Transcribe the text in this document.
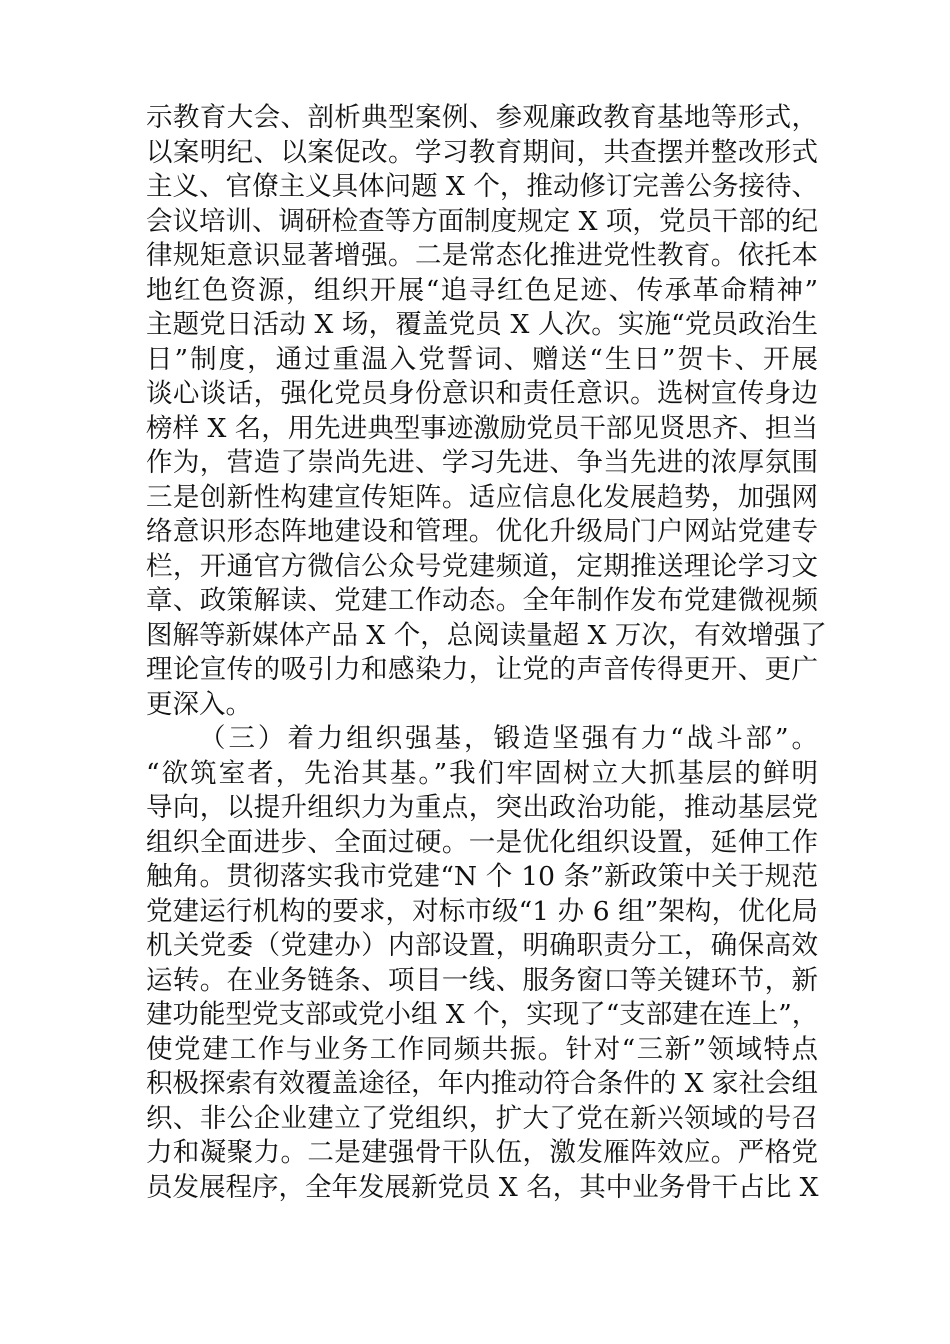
示教育大会、剖析典型案例、参观廉政教育基地等形式，
以案明纪、以案促改。学习教育期间，共查摆并整改形式
主义、官僚主义具体问题 X 个，推动修订完善公务接待、
会议培训、调研检查等方面制度规定 X 项，党员干部的纪
律规矩意识显著增强。二是常态化推进党性教育。依托本
地红色资源，组织开展“追寻红色足迹、传承革命精神”
主题党日活动 X 场，覆盖党员 X 人次。实施“党员政治生
日”制度，通过重温入党誓词、赠送“生日”贺卡、开展
谈心谈话，强化党员身份意识和责任意识。选树宣传身边
榜样 X 名，用先进典型事迹激励党员干部见贤思齐、担当
作为，营造了崇尚先进、学习先进、争当先进的浓厚氛围
三是创新性构建宣传矩阵。适应信息化发展趋势，加强网
络意识形态阵地建设和管理。优化升级局门户网站党建专
栏，开通官方微信公众号党建频道，定期推送理论学习文
章、政策解读、党建工作动态。全年制作发布党建微视频
图解等新媒体产品 X 个，总阅读量超 X 万次，有效增强了
理论宣传的吸引力和感染力，让党的声音传得更开、更广
更深入。
（三）着力组织强基，锻造坚强有力“战斗部”。
“欲筑室者，先治其基。”我们牢固树立大抓基层的鲜明
导向，以提升组织力为重点，突出政治功能，推动基层党
组织全面进步、全面过硬。一是优化组织设置，延伸工作
触角。贯彻落实我市党建“N 个 10 条”新政策中关于规范
党建运行机构的要求，对标市级“1 办 6 组”架构，优化局
机关党委（党建办）内部设置，明确职责分工，确保高效
运转。在业务链条、项目一线、服务窗口等关键环节，新
建功能型党支部或党小组 X 个，实现了“支部建在连上”，
使党建工作与业务工作同频共振。针对“三新”领域特点
积极探索有效覆盖途径，年内推动符合条件的 X 家社会组
织、非公企业建立了党组织，扩大了党在新兴领域的号召
力和凝聚力。二是建强骨干队伍，激发雁阵效应。严格党
员发展程序，全年发展新党员 X 名，其中业务骨干占比 X
